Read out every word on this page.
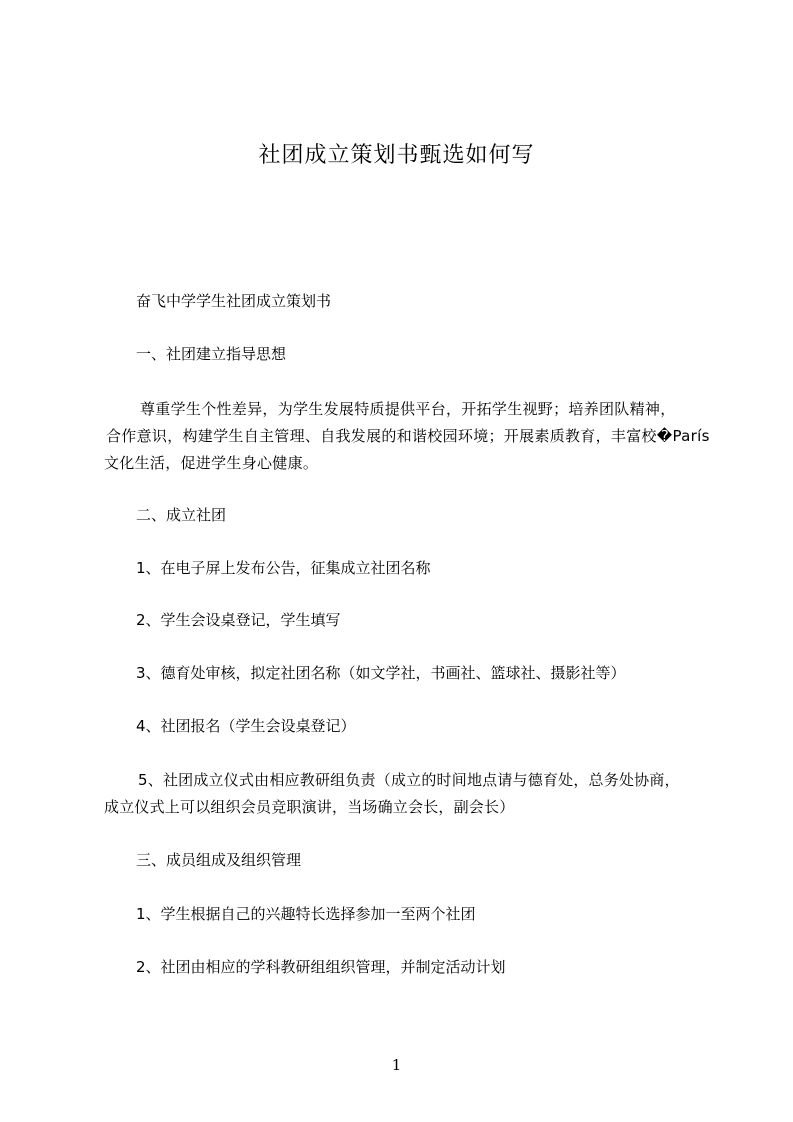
社团成立策划书甄选如何写
奋飞中学学生社团成立策划书
一、社团建立指导思想
尊重学生个性差异，为学生发展特质提供平台，开拓学生视野；培养团队精神，
合作意识，构建学生自主管理、自我发展的和谐校园环境；开展素质教育，丰富校�París
文化生活，促进学生身心健康。
二、成立社团
1、在电子屏上发布公告，征集成立社团名称
2、学生会设桌登记，学生填写
3、德育处审核，拟定社团名称（如文学社，书画社、篮球社、摄影社等）
4、社团报名（学生会设桌登记）
5、社团成立仪式由相应教研组负责（成立的时间地点请与德育处，总务处协商，
成立仪式上可以组织会员竞职演讲，当场确立会长，副会长）
三、成员组成及组织管理
1、学生根据自己的兴趣特长选择参加一至两个社团
2、社团由相应的学科教研组组织管理，并制定活动计划
1
